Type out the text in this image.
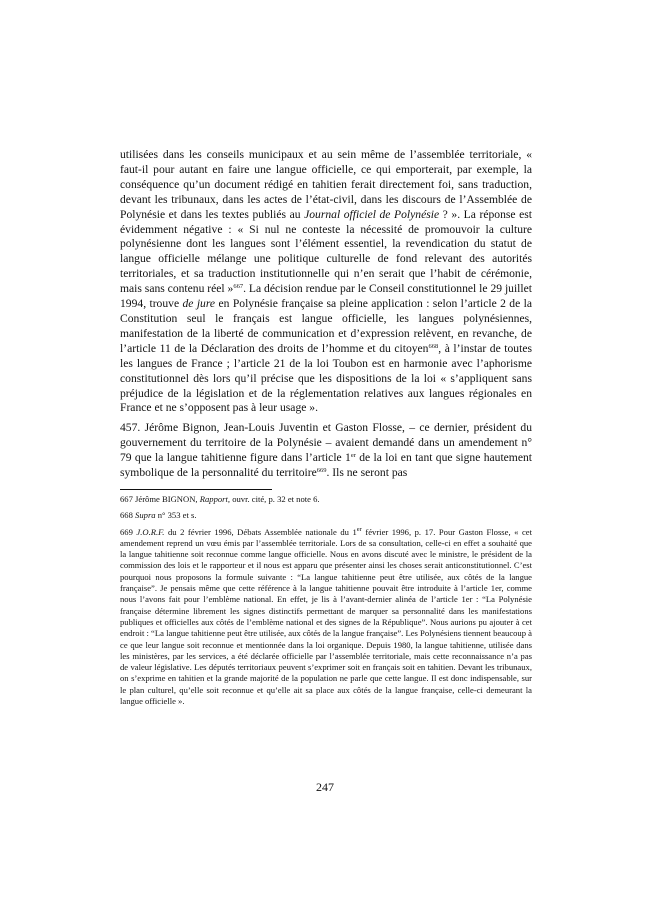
utilisées dans les conseils municipaux et au sein même de l’assemblée territoriale, « faut-il pour autant en faire une langue officielle, ce qui emporterait, par exemple, la conséquence qu’un document rédigé en tahitien ferait directement foi, sans traduction, devant les tribunaux, dans les actes de l’état-civil, dans les discours de l’Assemblée de Polynésie et dans les textes publiés au Journal officiel de Polynésie ? ». La réponse est évidemment négative : « Si nul ne conteste la nécessité de promouvoir la culture polynésienne dont les langues sont l’élément essentiel, la revendication du statut de langue officielle mélange une politique culturelle de fond relevant des autorités territoriales, et sa traduction institutionnelle qui n’en serait que l’habit de cérémonie, mais sans contenu réel »$^{667}$. La décision rendue par le Conseil constitutionnel le 29 juillet 1994, trouve de jure en Polynésie française sa pleine application : selon l’article 2 de la Constitution seul le français est langue officielle, les langues polynésiennes, manifestation de la liberté de communication et d’expression relèvent, en revanche, de l’article 11 de la Déclaration des droits de l’homme et du citoyen$^{668}$, à l’instar de toutes les langues de France ; l’article 21 de la loi Toubon est en harmonie avec l’aphorisme constitutionnel dès lors qu’il précise que les dispositions de la loi « s’appliquent sans préjudice de la législation et de la réglementation relatives aux langues régionales en France et ne s’opposent pas à leur usage ».

457. Jérôme Bignon, Jean-Louis Juventin et Gaston Flosse, – ce dernier, président du gouvernement du territoire de la Polynésie – avaient demandé dans un amendement n° 79 que la langue tahitienne figure dans l’article 1er de la loi en tant que signe hautement symbolique de la personnalité du territoire$^{669}$. Ils ne seront pas

667 Jérôme BIGNON, Rapport, ouvr. cité, p. 32 et note 6.

668 Supra n° 353 et s.

669 J.O.R.F. du 2 février 1996, Débats Assemblée nationale du 1er février 1996, p. 17. Pour Gaston Flosse, « cet amendement reprend un vœu émis par l’assemblée territoriale. Lors de sa consultation, celle-ci en effet a souhaité que la langue tahitienne soit reconnue comme langue officielle. Nous en avons discuté avec le ministre, le président de la commission des lois et le rapporteur et il nous est apparu que présenter ainsi les choses serait anticonstitutionnel. C’est pourquoi nous proposons la formule suivante : “La langue tahitienne peut être utilisée, aux côtés de la langue française”. Je pensais même que cette référence à la langue tahitienne pouvait être introduite à l’article 1er, comme nous l’avons fait pour l’emblème national. En effet, je lis à l’avant-dernier alinéa de l’article 1er : “La Polynésie française détermine librement les signes distinctifs permettant de marquer sa personnalité dans les manifestations publiques et officielles aux côtés de l’emblème national et des signes de la République”. Nous aurions pu ajouter à cet endroit : “La langue tahitienne peut être utilisée, aux côtés de la langue française”. Les Polynésiens tiennent beaucoup à ce que leur langue soit reconnue et mentionnée dans la loi organique. Depuis 1980, la langue tahitienne, utilisée dans les ministères, par les services, a été déclarée officielle par l’assemblée territoriale, mais cette reconnaissance n’a pas de valeur législative. Les députés territoriaux peuvent s’exprimer soit en français soit en tahitien. Devant les tribunaux, on s’exprime en tahitien et la grande majorité de la population ne parle que cette langue. Il est donc indispensable, sur le plan culturel, qu’elle soit reconnue et qu’elle ait sa place aux côtés de la langue française, celle-ci demeurant la langue officielle ».

247
